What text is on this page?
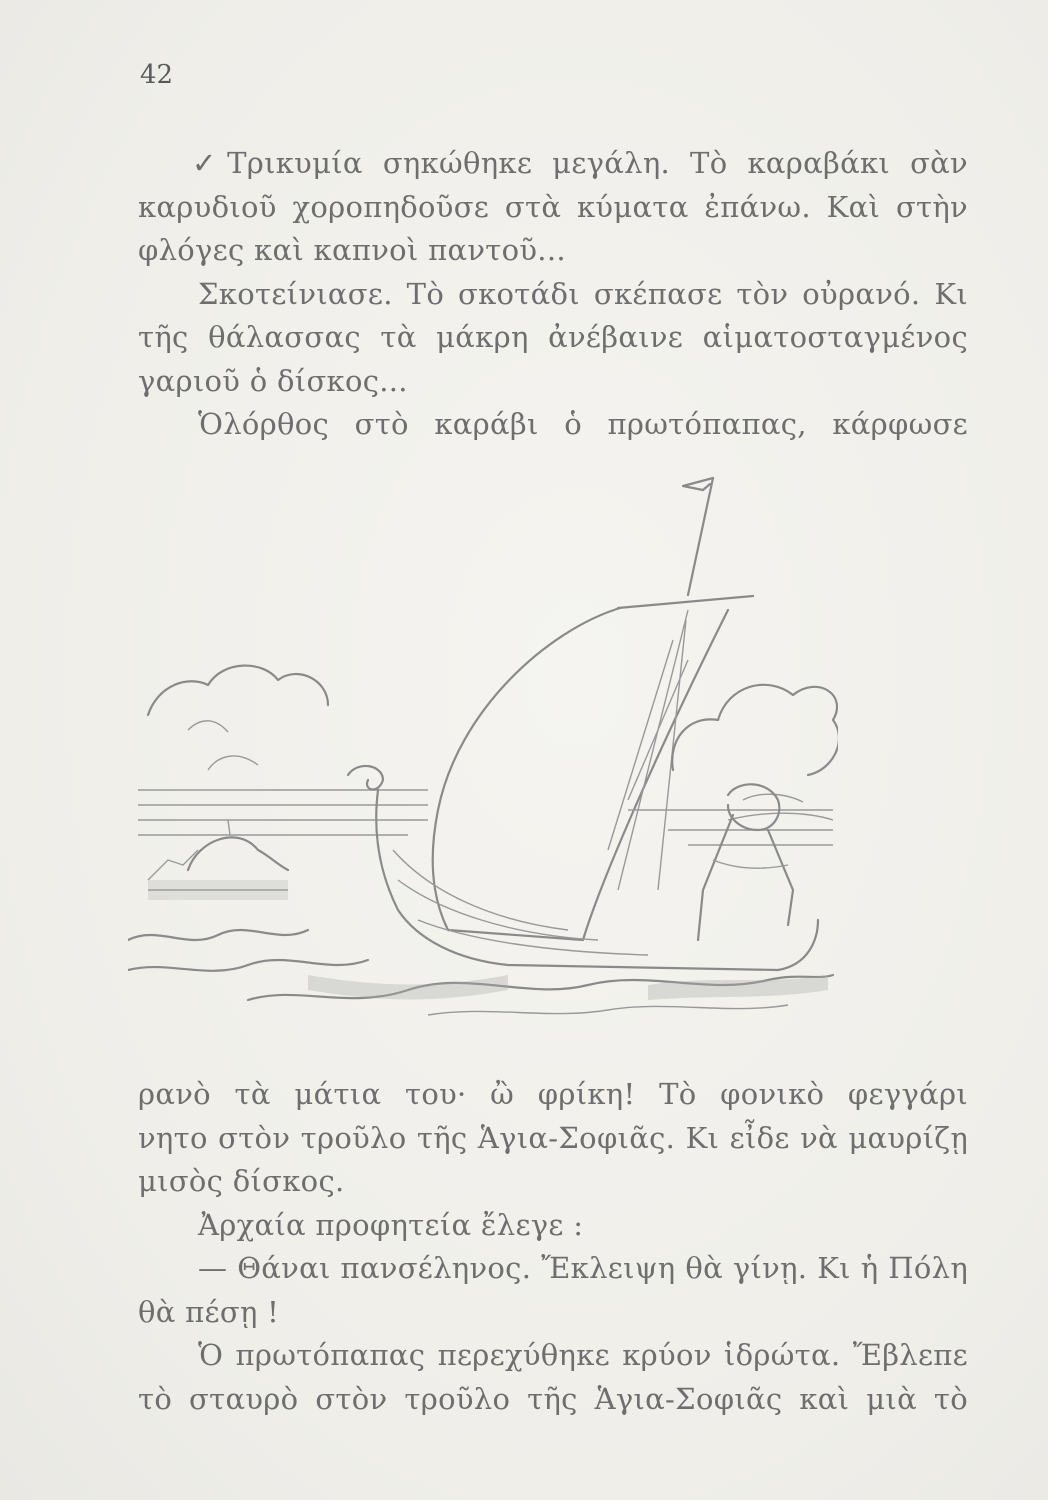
42
✓Τρικυμία σηκώθηκε μεγάλη. Τὸ καραβάκι σὰν
καρυδιοῦ χοροπηδοῦσε στὰ κύματα ἐπάνω. Καὶ στὴν
φλόγες καὶ καπνοὶ παντοῦ...
Σκοτείνιασε. Τὸ σκοτάδι σκέπασε τὸν οὐρανό. Κι
τῆς θάλασσας τὰ μάκρη ἀνέβαινε αἱματοσταγμένος
γαριοῦ ὁ δίσκος...
Ὁλόρθος στὸ καράβι ὁ πρωτόπαπας, κάρφωσε
ρανὸ τὰ μάτια του· ὢ φρίκη! Τὸ φονικὸ φεγγάρι
νητο στὸν τροῦλο τῆς Ἁγια-Σοφιᾶς. Κι εἶδε νὰ μαυρίζῃ
μισὸς δίσκος.
Ἀρχαία προφητεία ἔλεγε :
— Θάναι πανσέληνος. Ἔκλειψη θὰ γίνῃ. Κι ἡ Πόλη
θὰ πέσῃ !
Ὁ πρωτόπαπας περεχύθηκε κρύον ἱδρώτα. Ἔβλεπε
τὸ σταυρὸ στὸν τροῦλο τῆς Ἁγια-Σοφιᾶς καὶ μιὰ τὸ
